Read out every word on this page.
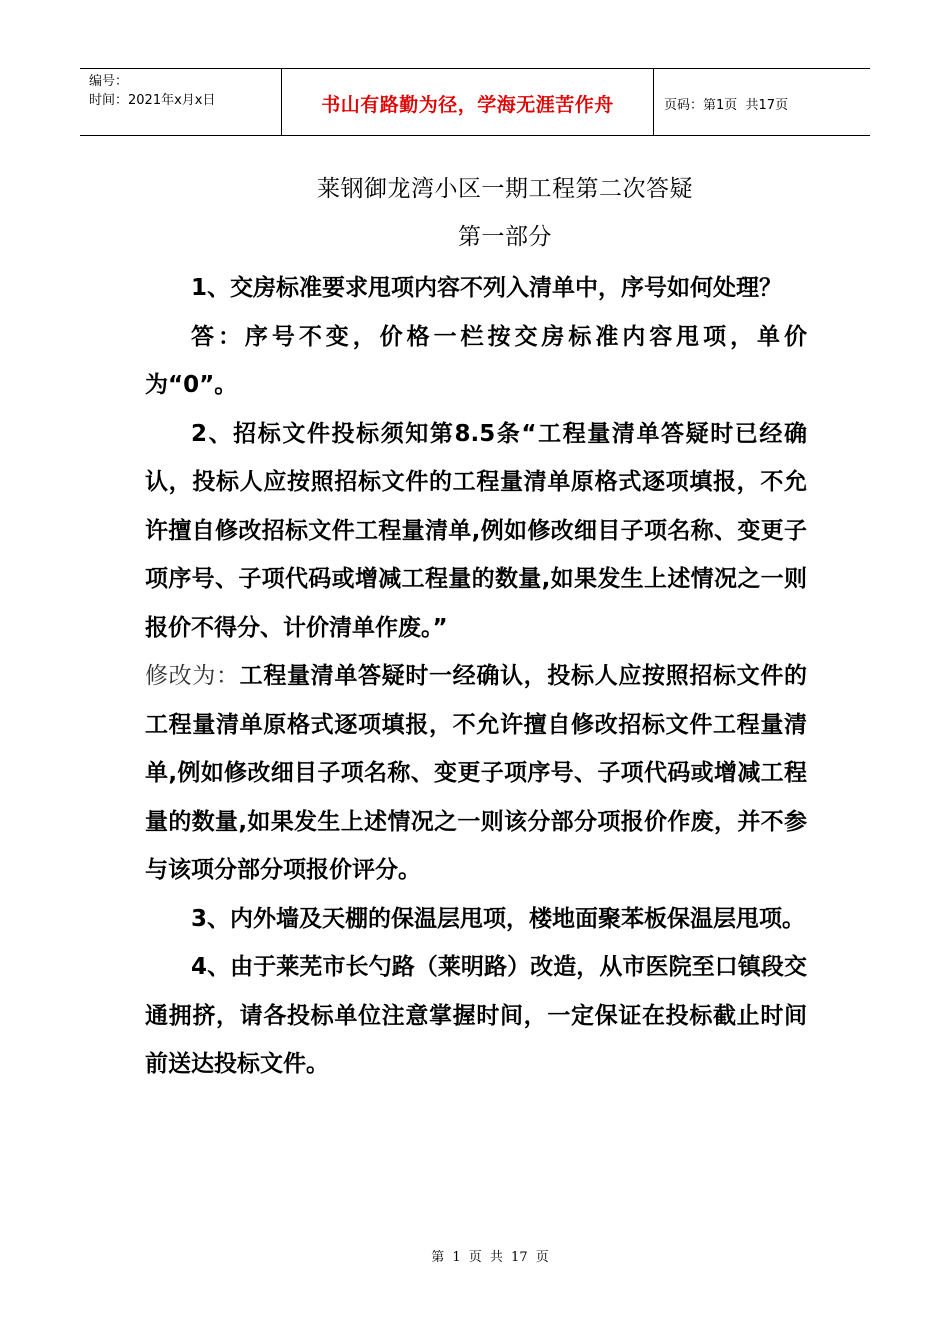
编号：
时间：2021年x月x日	书山有路勤为径，学海无涯苦作舟	页码：第1页  共17页
莱钢御龙湾小区一期工程第二次答疑
第一部分

1、交房标准要求甩项内容不列入清单中，序号如何处理？

答：序号不变，价格一栏按交房标准内容甩项，单价为“0”。

2、招标文件投标须知第8.5条“工程量清单答疑时已经确认，投标人应按照招标文件的工程量清单原格式逐项填报，不允许擅自修改招标文件工程量清单,例如修改细目子项名称、变更子项序号、子项代码或增减工程量的数量,如果发生上述情况之一则报价不得分、计价清单作废。”

修改为：工程量清单答疑时一经确认，投标人应按照招标文件的工程量清单原格式逐项填报，不允许擅自修改招标文件工程量清单,例如修改细目子项名称、变更子项序号、子项代码或增减工程量的数量,如果发生上述情况之一则该分部分项报价作废，并不参与该项分部分项报价评分。

3、内外墙及天棚的保温层甩项，楼地面聚苯板保温层甩项。

4、由于莱芜市长勺路（莱明路）改造，从市医院至口镇段交通拥挤，请各投标单位注意掌握时间，一定保证在投标截止时间前送达投标文件。

第 1 页 共 17 页
